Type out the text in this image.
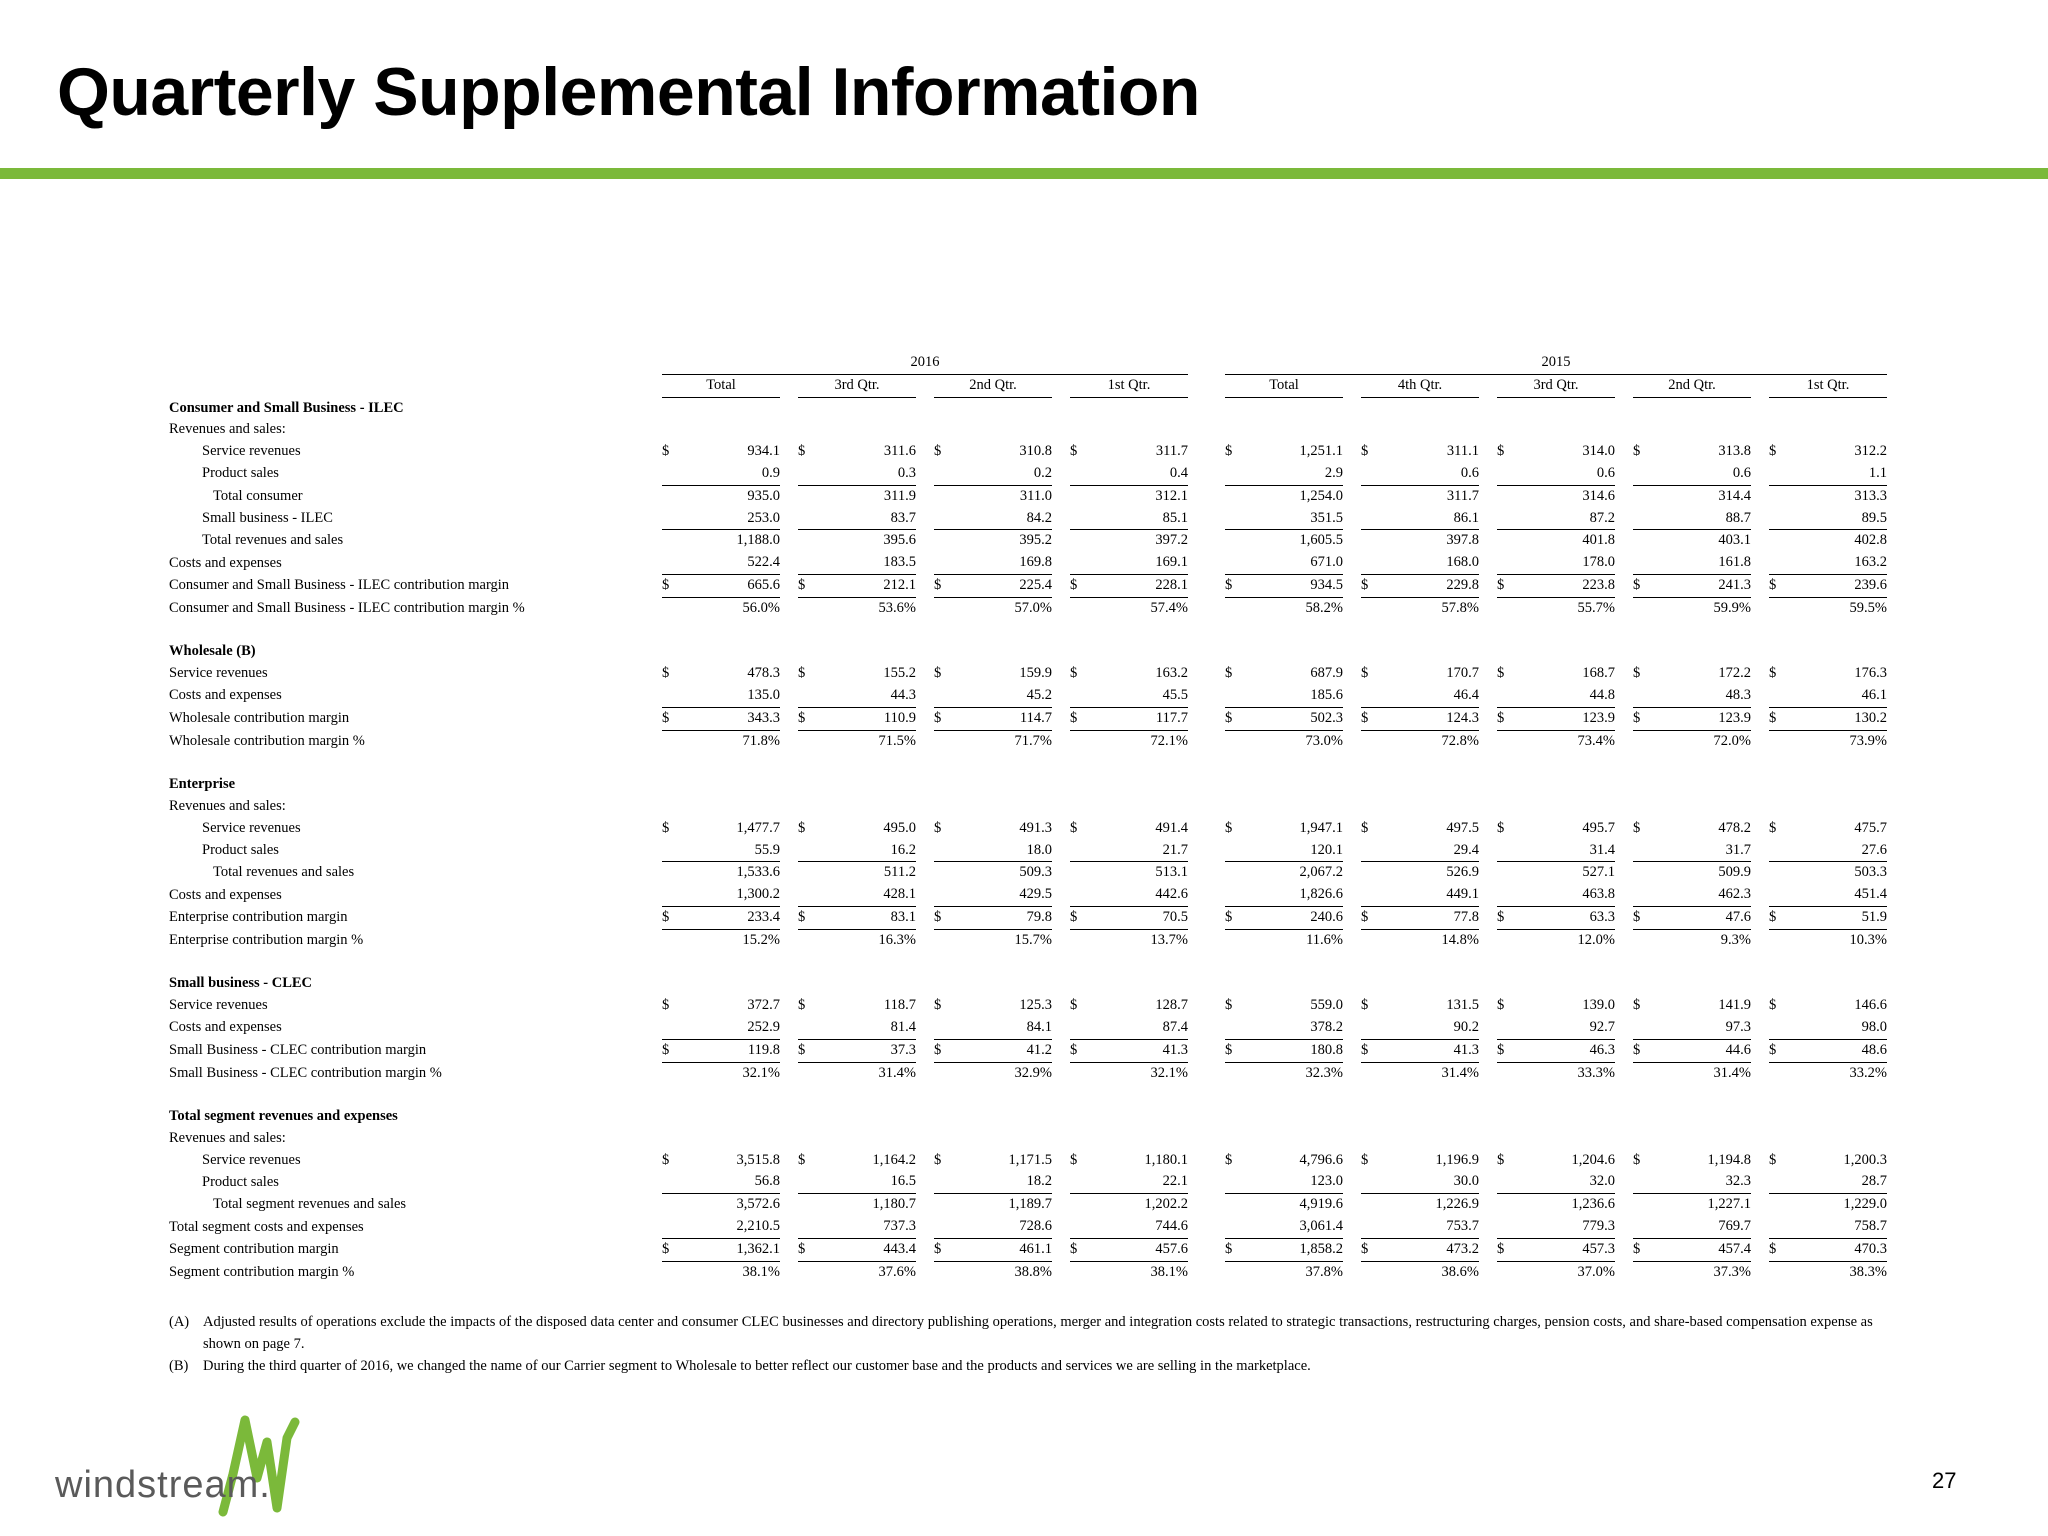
Quarterly Supplemental Information
	2016												2015													
	Total			3rd Qtr.			2nd Qtr.			1st Qtr.			Total			4th Qtr.			3rd Qtr.			2nd Qtr.			1st Qtr.	
Consumer and Small Business - ILEC																										
Revenues and sales:																										
Service revenues	$	934.1		$	311.6		$	310.8		$	311.7		$	1,251.1		$	311.1		$	314.0		$	313.8		$	312.2
Product sales		0.9			0.3			0.2			0.4			2.9			0.6			0.6			0.6			1.1
Total consumer		935.0			311.9			311.0			312.1			1,254.0			311.7			314.6			314.4			313.3
Small business - ILEC		253.0			83.7			84.2			85.1			351.5			86.1			87.2			88.7			89.5
Total revenues and sales		1,188.0			395.6			395.2			397.2			1,605.5			397.8			401.8			403.1			402.8
Costs and expenses		522.4			183.5			169.8			169.1			671.0			168.0			178.0			161.8			163.2
Consumer and Small Business - ILEC contribution margin	$	665.6		$	212.1		$	225.4		$	228.1		$	934.5		$	229.8		$	223.8		$	241.3		$	239.6
Consumer and Small Business - ILEC contribution margin %		56.0%			53.6%			57.0%			57.4%			58.2%			57.8%			55.7%			59.9%			59.5%

Wholesale (B)																										
Service revenues	$	478.3		$	155.2		$	159.9		$	163.2		$	687.9		$	170.7		$	168.7		$	172.2		$	176.3
Costs and expenses		135.0			44.3			45.2			45.5			185.6			46.4			44.8			48.3			46.1
Wholesale contribution margin	$	343.3		$	110.9		$	114.7		$	117.7		$	502.3		$	124.3		$	123.9		$	123.9		$	130.2
Wholesale contribution margin %		71.8%			71.5%			71.7%			72.1%			73.0%			72.8%			73.4%			72.0%			73.9%

Enterprise																										
Revenues and sales:																										
Service revenues	$	1,477.7		$	495.0		$	491.3		$	491.4		$	1,947.1		$	497.5		$	495.7		$	478.2		$	475.7
Product sales		55.9			16.2			18.0			21.7			120.1			29.4			31.4			31.7			27.6
Total revenues and sales		1,533.6			511.2			509.3			513.1			2,067.2			526.9			527.1			509.9			503.3
Costs and expenses		1,300.2			428.1			429.5			442.6			1,826.6			449.1			463.8			462.3			451.4
Enterprise contribution margin	$	233.4		$	83.1		$	79.8		$	70.5		$	240.6		$	77.8		$	63.3		$	47.6		$	51.9
Enterprise contribution margin %		15.2%			16.3%			15.7%			13.7%			11.6%			14.8%			12.0%			9.3%			10.3%

Small business - CLEC																										
Service revenues	$	372.7		$	118.7		$	125.3		$	128.7		$	559.0		$	131.5		$	139.0		$	141.9		$	146.6
Costs and expenses		252.9			81.4			84.1			87.4			378.2			90.2			92.7			97.3			98.0
Small Business - CLEC contribution margin	$	119.8		$	37.3		$	41.2		$	41.3		$	180.8		$	41.3		$	46.3		$	44.6		$	48.6
Small Business - CLEC contribution margin %		32.1%			31.4%			32.9%			32.1%			32.3%			31.4%			33.3%			31.4%			33.2%

Total segment revenues and expenses																										
Revenues and sales:																										
Service revenues	$	3,515.8		$	1,164.2		$	1,171.5		$	1,180.1		$	4,796.6		$	1,196.9		$	1,204.6		$	1,194.8		$	1,200.3
Product sales		56.8			16.5			18.2			22.1			123.0			30.0			32.0			32.3			28.7
Total segment revenues and sales		3,572.6			1,180.7			1,189.7			1,202.2			4,919.6			1,226.9			1,236.6			1,227.1			1,229.0
Total segment costs and expenses		2,210.5			737.3			728.6			744.6			3,061.4			753.7			779.3			769.7			758.7
Segment contribution margin	$	1,362.1		$	443.4		$	461.1		$	457.6		$	1,858.2		$	473.2		$	457.3		$	457.4		$	470.3
Segment contribution margin %		38.1%			37.6%			38.8%			38.1%			37.8%			38.6%			37.0%			37.3%			38.3%
(A) Adjusted results of operations exclude the impacts of the disposed data center and consumer CLEC businesses and directory publishing operations, merger and integration costs related to strategic transactions, restructuring charges, pension costs, and share-based compensation expense as shown on page 7.
(B) During the third quarter of 2016, we changed the name of our Carrier segment to Wholesale to better reflect our customer base and the products and services we are selling in the marketplace.
windstream.	27
